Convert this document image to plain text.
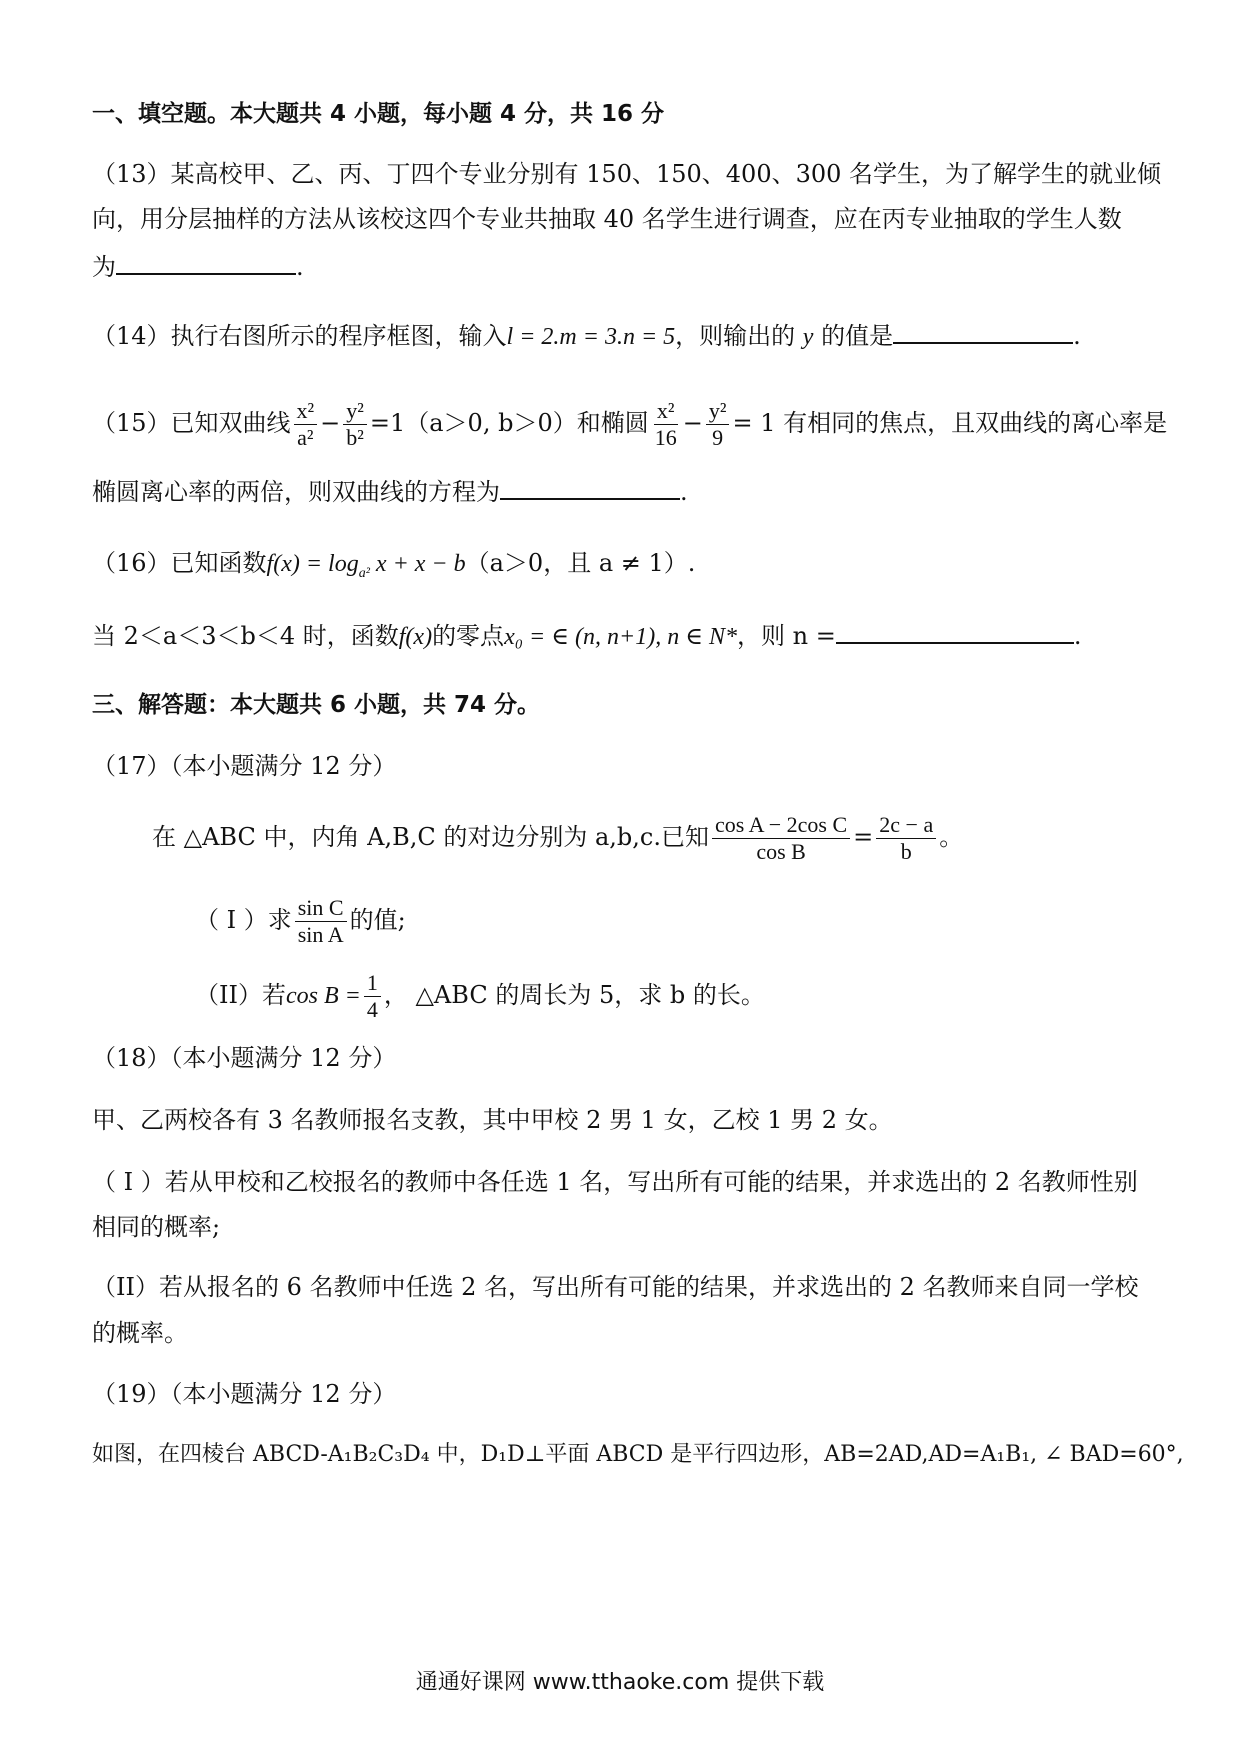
一、填空题。本大题共 4 小题，每小题 4 分，共 16 分
（13）某高校甲、乙、丙、丁四个专业分别有 150、150、400、300 名学生，为了解学生的就业倾
向，用分层抽样的方法从该校这四个专业共抽取 40 名学生进行调查，应在丙专业抽取的学生人数
为	.
（14）执行右图所示的程序框图，输入l = 2.m = 3.n = 5，则输出的 y 的值是	.
（15）已知双曲线 $\frac{\text{x²}}{\text{a²}} - \frac{\text{y²}}{\text{b²}} =1(a>0$, b＞0）和椭圆 $\frac{\text{x²}}{16} - \frac{\text{y²}}{9} = 1$ 有相同的焦点，且双曲线的离心率是
椭圆离心率的两倍，则双曲线的方程为	.
（16）已知函数$f(x) = \log_{a^2} x + x - b(a>0$，且 a ≠ 1）.
当 2＜a＜3＜b＜4 时，函数f(x)的零点x₀ = ∈ (n, n+1), n ∈ N*，则 n =	.
三、解答题：本大题共 6 小题，共 74 分。
（17）（本小题满分 12 分）
在 △ABC 中，内角 A,B,C 的对边分别为 a,b,c.已知 $\frac{\text{cos A − 2cos C}}{\text{cos B}} = \frac{2c - a}{b}$ 。
（ I ）求 $\frac{\text{sin C}}{\text{sin A}}$ 的值;
（II）若$\cos B = \frac{1}{4}$ ， △ABC 的周长为 5，求 b 的长。
（18）（本小题满分 12 分）
甲、乙两校各有 3 名教师报名支教，其中甲校 2 男 1 女，乙校 1 男 2 女。
（ I ）若从甲校和乙校报名的教师中各任选 1 名，写出所有可能的结果，并求选出的 2 名教师性别
相同的概率;
（II）若从报名的 6 名教师中任选 2 名，写出所有可能的结果，并求选出的 2 名教师来自同一学校
的概率。
（19）（本小题满分 12 分）
如图，在四棱台 ABCD-A₁B₂C₃D₄ 中，D₁D⊥平面 ABCD 是平行四边形，AB=2AD,AD=A₁B₁, ∠ BAD=60°,
通通好课网 www.tthaoke.com 提供下载
